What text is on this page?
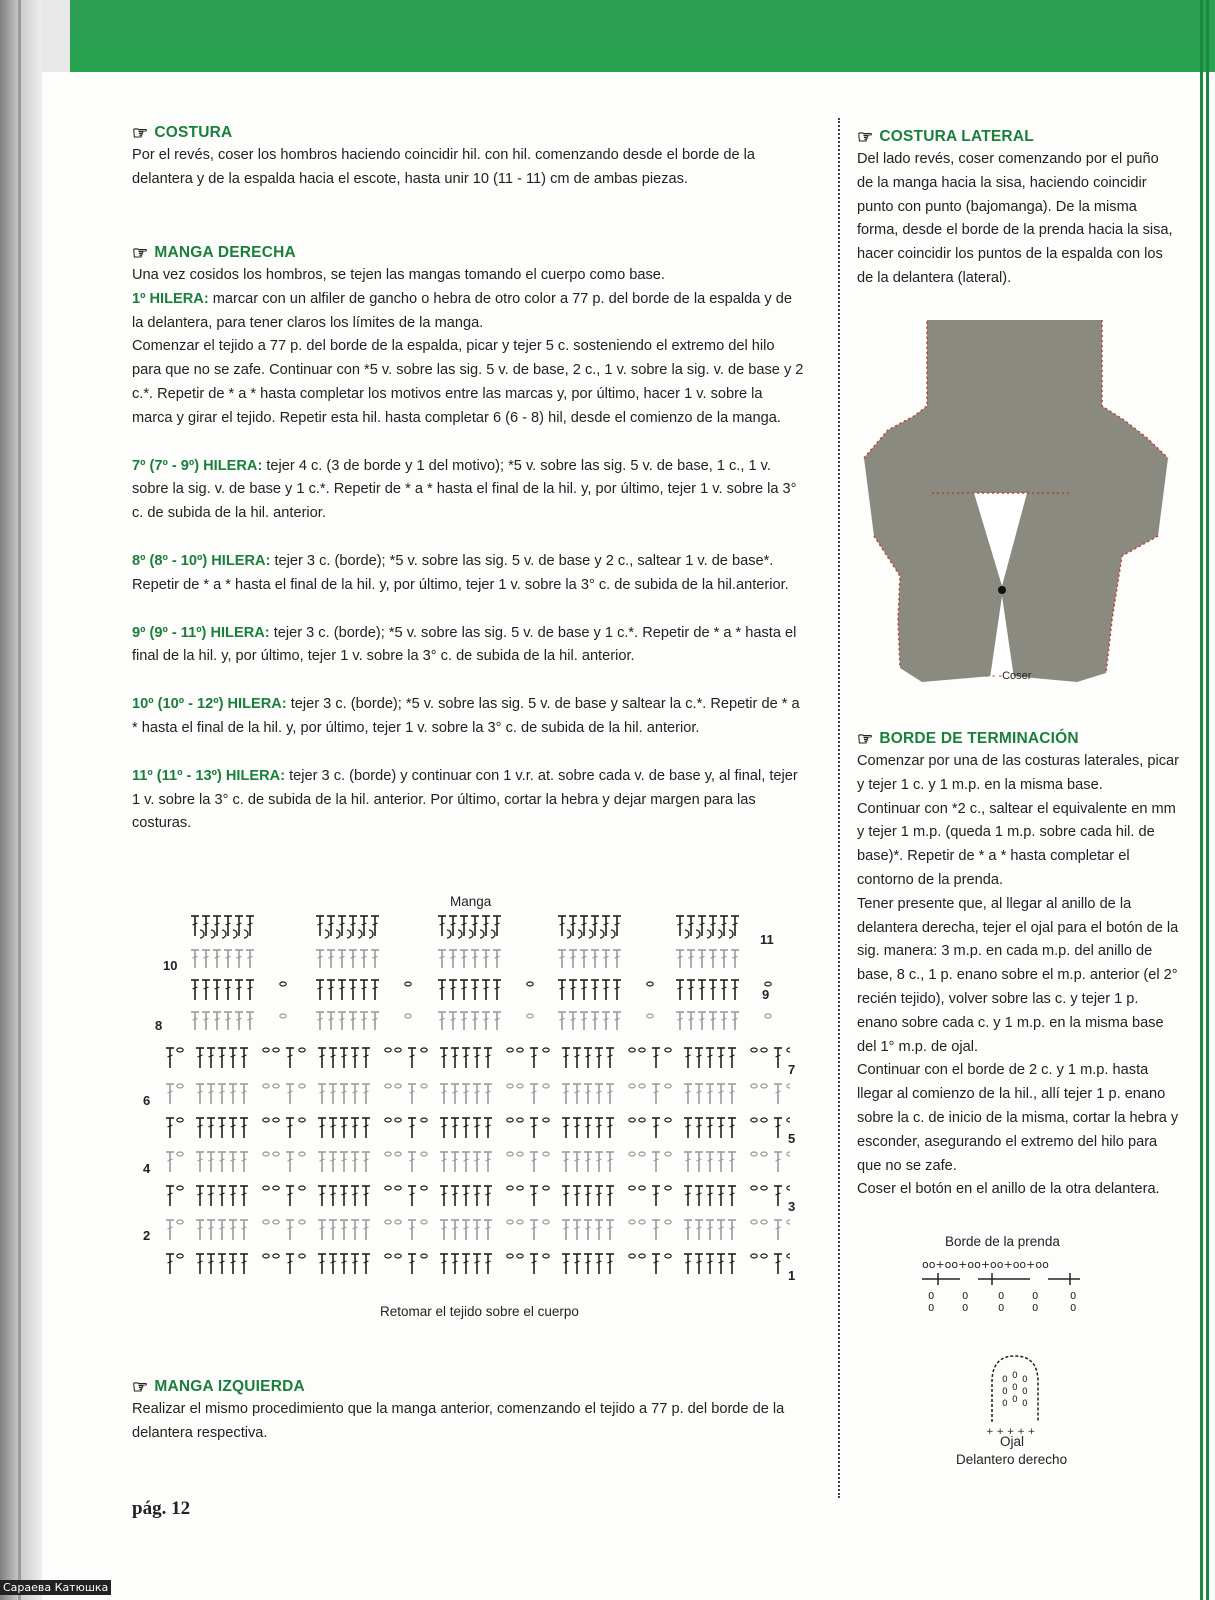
☞ COSTURA
Por el revés, coser los hombros haciendo coincidir hil. con hil. comenzando desde el borde de la delantera y de la espalda hacia el escote, hasta unir 10 (11 - 11) cm de ambas piezas.
☞ MANGA DERECHA
Una vez cosidos los hombros, se tejen las mangas tomando el cuerpo como base.
1º HILERA: marcar con un alfiler de gancho o hebra de otro color a 77 p. del borde de la espalda y de la delantera, para tener claros los límites de la manga.
Comenzar el tejido a 77 p. del borde de la espalda, picar y tejer 5 c. sosteniendo el extremo del hilo para que no se zafe. Continuar con *5 v. sobre las sig. 5 v. de base, 2 c., 1 v. sobre la sig. v. de base y 2 c.*. Repetir de * a * hasta completar los motivos entre las marcas y, por último, hacer 1 v. sobre la marca y girar el tejido. Repetir esta hil. hasta completar 6 (6 - 8) hil, desde el comienzo de la manga.
7º (7º - 9º) HILERA: tejer 4 c. (3 de borde y 1 del motivo); *5 v. sobre las sig. 5 v. de base, 1 c., 1 v. sobre la sig. v. de base y 1 c.*. Repetir de * a * hasta el final de la hil. y, por último, tejer 1 v. sobre la 3° c. de subida de la hil. anterior.
8º (8º - 10º) HILERA: tejer 3 c. (borde); *5 v. sobre las sig. 5 v. de base y 2 c., saltear 1 v. de base*. Repetir de * a * hasta el final de la hil. y, por último, tejer 1 v. sobre la 3° c. de subida de la hil.anterior.
9º (9º - 11º) HILERA: tejer 3 c. (borde); *5 v. sobre las sig. 5 v. de base y 1 c.*. Repetir de * a * hasta el final de la hil. y, por último, tejer 1 v. sobre la 3° c. de subida de la hil. anterior.
10º (10º - 12º) HILERA: tejer 3 c. (borde); *5 v. sobre las sig. 5 v. de base y saltear la c.*. Repetir de * a * hasta el final de la hil. y, por último, tejer 1 v. sobre la 3° c. de subida de la hil. anterior.
11º (11º - 13º) HILERA: tejer 3 c. (borde) y continuar con 1 v.r. at. sobre cada v. de base y, al final, tejer 1 v. sobre la 3° c. de subida de la hil. anterior. Por último, cortar la hebra y dejar margen para las costuras.
Manga
10
8
6
4
2
11
9
7
5
3
1
Retomar el tejido sobre el cuerpo
☞ MANGA IZQUIERDA
Realizar el mismo procedimiento que la manga anterior, comenzando el tejido a 77 p. del borde de la delantera respectiva.
☞ COSTURA LATERAL
Del lado revés, coser comenzando por el puño de la manga hacia la sisa, haciendo coincidir punto con punto (bajomanga). De la misma forma, desde el borde de la prenda hacia la sisa, hacer coincidir los puntos de la espalda con los de la delantera (lateral).
- - -Coser
☞ BORDE DE TERMINACIÓN
Comenzar por una de las costuras laterales, picar y tejer 1 c. y 1 m.p. en la misma base.
Continuar con *2 c., saltear el equivalente en mm y tejer 1 m.p. (queda 1 m.p. sobre cada hil. de base)*. Repetir de * a * hasta completar el contorno de la prenda.
Tener presente que, al llegar al anillo de la delantera derecha, tejer el ojal para el botón de la sig. manera: 3 m.p. en cada m.p. del anillo de base, 8 c., 1 p. enano sobre el m.p. anterior (el 2° recién tejido), volver sobre las c. y tejer 1 p. enano sobre cada c. y 1 m.p. en la misma base del 1° m.p. de ojal.
Continuar con el borde de 2 c. y 1 m.p. hasta llegar al comienzo de la hil., allí tejer 1 p. enano sobre la c. de inicio de la misma, cortar la hebra y esconder, asegurando el extremo del hilo para que no se zafe.
Coser el botón en el anillo de la otra delantera.
Borde de la prenda
oo+oo+oo+oo+oo+oo
0
0
0
0
0
0
0
0
0
0
0
0
0
0
0
0
0
0
0
+ + + + +
Ojal
Delantero derecho
pág. 12
Сараева Катюшка
